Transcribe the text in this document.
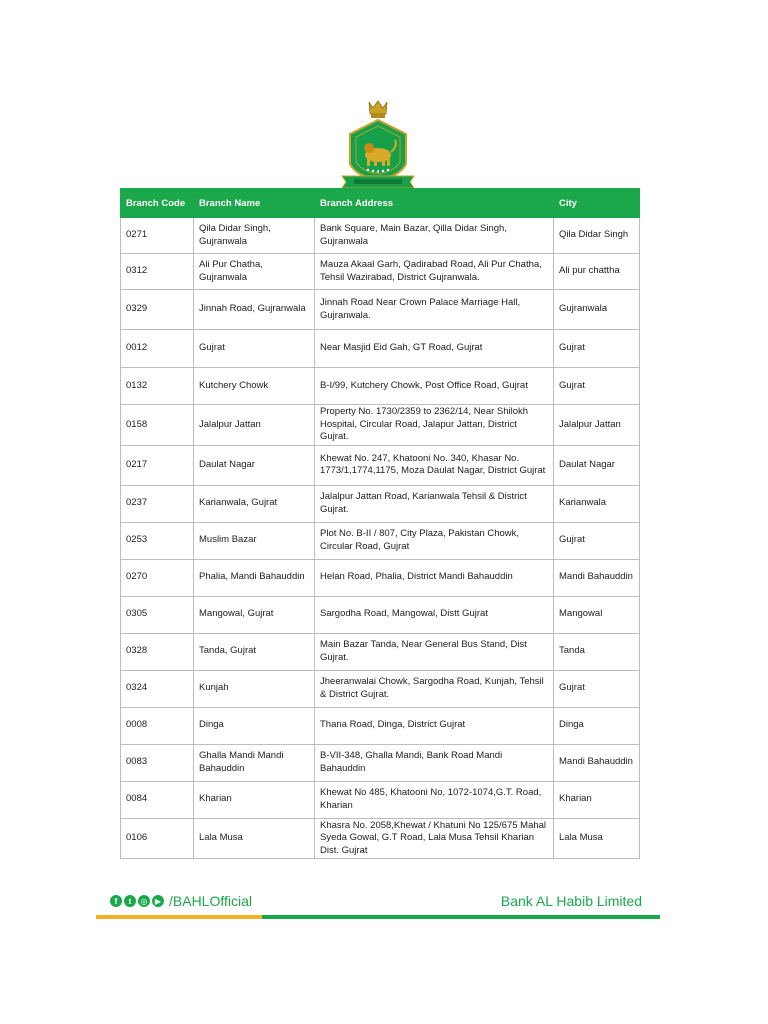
Branch Code	Branch Name	Branch Address	City
0271	Qila Didar Singh, Gujranwala	Bank Square, Main Bazar, Qilla Didar Singh, Gujranwala	Qila Didar Singh
0312	Ali Pur Chatha, Gujranwala	Mauza Akaal Garh, Qadirabad Road, Ali Pur Chatha, Tehsil Wazirabad, District Gujranwala.	Ali pur chattha
0329	Jinnah Road, Gujranwala	Jinnah Road Near Crown Palace Marriage Hall, Gujranwala.	Gujranwala
0012	Gujrat	Near Masjid Eid Gah, GT Road, Gujrat	Gujrat
0132	Kutchery Chowk	B-I/99, Kutchery Chowk, Post Office Road, Gujrat	Gujrat
0158	Jalalpur Jattan	Property No. 1730/2359 to 2362/14, Near Shilokh Hospital, Circular Road, Jalapur Jattan, District Gujrat.	Jalalpur Jattan
0217	Daulat Nagar	Khewat No. 247, Khatooni No. 340, Khasar No. 1773/1,1774,1175, Moza Daulat Nagar, District Gujrat	Daulat Nagar
0237	Karianwala, Gujrat	Jalalpur Jattan Road, Karianwala Tehsil & District Gujrat.	Karianwala
0253	Muslim Bazar	Plot No. B-II / 807, City Plaza, Pakistan Chowk, Circular Road, Gujrat	Gujrat
0270	Phalia, Mandi Bahauddin	Helan Road, Phalia, District Mandi Bahauddin	Mandi Bahauddin
0305	Mangowal, Gujrat	Sargodha Road, Mangowal, Distt Gujrat	Mangowal
0328	Tanda, Gujrat	Main Bazar Tanda, Near General Bus Stand, Dist Gujrat.	Tanda
0324	Kunjah	Jheeranwalai Chowk, Sargodha Road, Kunjah, Tehsil & District Gujrat.	Gujrat
0008	Dinga	Thana Road, Dinga, District Gujrat	Dinga
0083	Ghalla Mandi Mandi Bahauddin	B-VII-348, Ghalla Mandi, Bank Road Mandi Bahauddin	Mandi Bahauddin
0084	Kharian	Khewat No 485, Khatooni No, 1072-1074,G.T. Road, Kharian	Kharian
0106	Lala Musa	Khasra No. 2058,Khewat / Khatuni No 125/675 Mahal Syeda Gowal, G.T Road, Lala Musa Tehsil Kharian Dist. Gujrat	Lala Musa
f	t	◎ ▶ /BAHLOfficial	Bank AL Habib Limited
